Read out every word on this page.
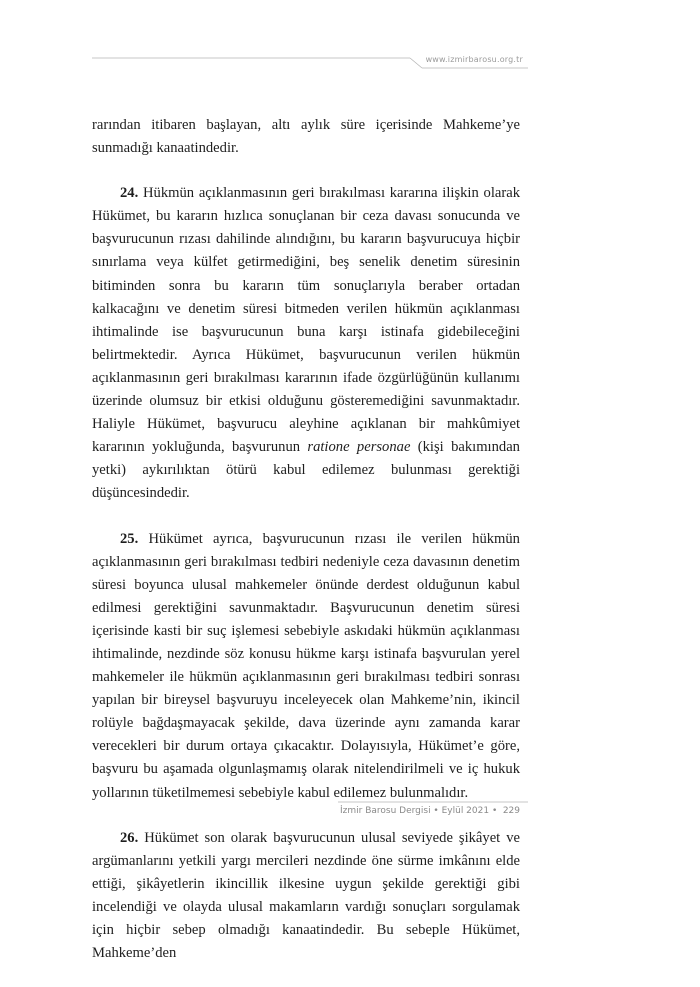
www.izmirbarosu.org.tr

rarından itibaren başlayan, altı aylık süre içerisinde Mahkeme’ye sunmadığı kanaatindedir.

24. Hükmün açıklanmasının geri bırakılması kararına ilişkin olarak Hükümet, bu kararın hızlıca sonuçlanan bir ceza davası sonucunda ve başvurucunun rızası dahilinde alındığını, bu kararın başvurucuya hiçbir sınırlama veya külfet getirmediğini, beş senelik denetim süresinin bitiminden sonra bu kararın tüm sonuçlarıyla beraber ortadan kalkacağını ve denetim süresi bitmeden verilen hükmün açıklanması ihtimalinde ise başvurucunun buna karşı istinafa gidebileceğini belirtmektedir. Ayrıca Hükümet, başvurucunun verilen hükmün açıklanmasının geri bırakılması kararının ifade özgürlüğünün kullanımı üzerinde olumsuz bir etkisi olduğunu gösteremediğini savunmaktadır. Haliyle Hükümet, başvurucu aleyhine açıklanan bir mahkûmiyet kararının yokluğunda, başvurunun ratione personae (kişi bakımından yetki) aykırılıktan ötürü kabul edilemez bulunması gerektiği düşüncesindedir.

25. Hükümet ayrıca, başvurucunun rızası ile verilen hükmün açıklanmasının geri bırakılması tedbiri nedeniyle ceza davasının denetim süresi boyunca ulusal mahkemeler önünde derdest olduğunun kabul edilmesi gerektiğini savunmaktadır. Başvurucunun denetim süresi içerisinde kasti bir suç işlemesi sebebiyle askıdaki hükmün açıklanması ihtimalinde, nezdinde söz konusu hükme karşı istinafa başvurulan yerel mahkemeler ile hükmün açıklanmasının geri bırakılması tedbiri sonrası yapılan bir bireysel başvuruyu inceleyecek olan Mahkeme’nin, ikincil rolüyle bağdaşmayacak şekilde, dava üzerinde aynı zamanda karar verecekleri bir durum ortaya çıkacaktır. Dolayısıyla, Hükümet’e göre, başvuru bu aşamada olgunlaşmamış olarak nitelendirilmeli ve iç hukuk yollarının tüketilmemesi sebebiyle kabul edilemez bulunmalıdır.

26. Hükümet son olarak başvurucunun ulusal seviyede şikâyet ve argümanlarını yetkili yargı mercileri nezdinde öne sürme imkânını elde ettiği, şikâyetlerin ikincillik ilkesine uygun şekilde gerektiği gibi incelendiği ve olayda ulusal makamların vardığı sonuçları sorgulamak için hiçbir sebep olmadığı kanaatindedir. Bu sebeple Hükümet, Mahkeme’den

İzmir Barosu Dergisi • Eylül 2021 • 229
